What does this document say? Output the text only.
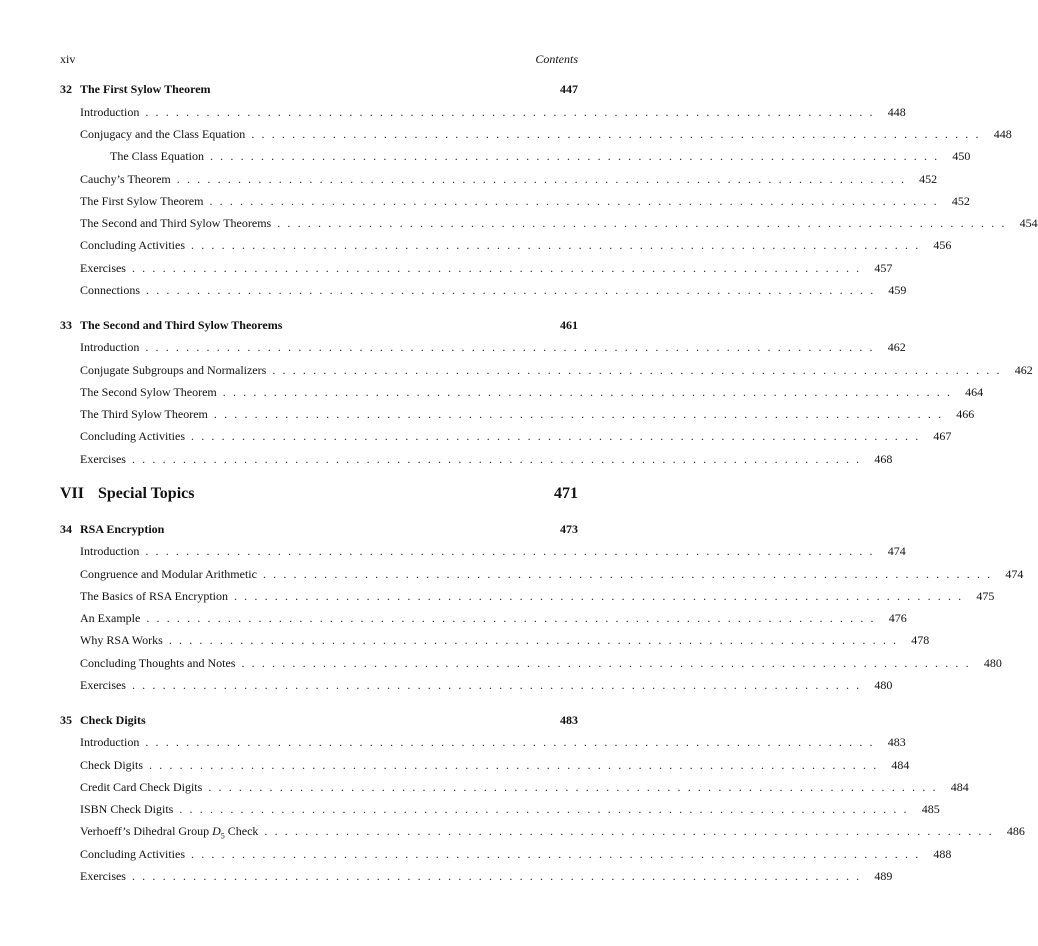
xiv	Contents
32 The First Sylow Theorem	447
Introduction ........................................................................ 448
Conjugacy and the Class Equation ........................................................................ 448
The Class Equation ........................................................................ 450
Cauchy’s Theorem ........................................................................ 452
The First Sylow Theorem ........................................................................ 452
The Second and Third Sylow Theorems ........................................................................ 454
Concluding Activities ........................................................................ 456
Exercises ........................................................................ 457
Connections ........................................................................ 459
33 The Second and Third Sylow Theorems	461
Introduction ........................................................................ 462
Conjugate Subgroups and Normalizers ........................................................................ 462
The Second Sylow Theorem ........................................................................ 464
The Third Sylow Theorem ........................................................................ 466
Concluding Activities ........................................................................ 467
Exercises ........................................................................ 468
VII Special Topics	471
34 RSA Encryption	473
Introduction ........................................................................ 474
Congruence and Modular Arithmetic ........................................................................ 474
The Basics of RSA Encryption ........................................................................ 475
An Example ........................................................................ 476
Why RSA Works ........................................................................ 478
Concluding Thoughts and Notes ........................................................................ 480
Exercises ........................................................................ 480
35 Check Digits	483
Introduction ........................................................................ 483
Check Digits ........................................................................ 484
Credit Card Check Digits ........................................................................ 484
ISBN Check Digits ........................................................................ 485
Verhoeff’s Dihedral Group $D_5$ Check ........................................................................ 486
Concluding Activities ........................................................................ 488
Exercises ........................................................................ 489
